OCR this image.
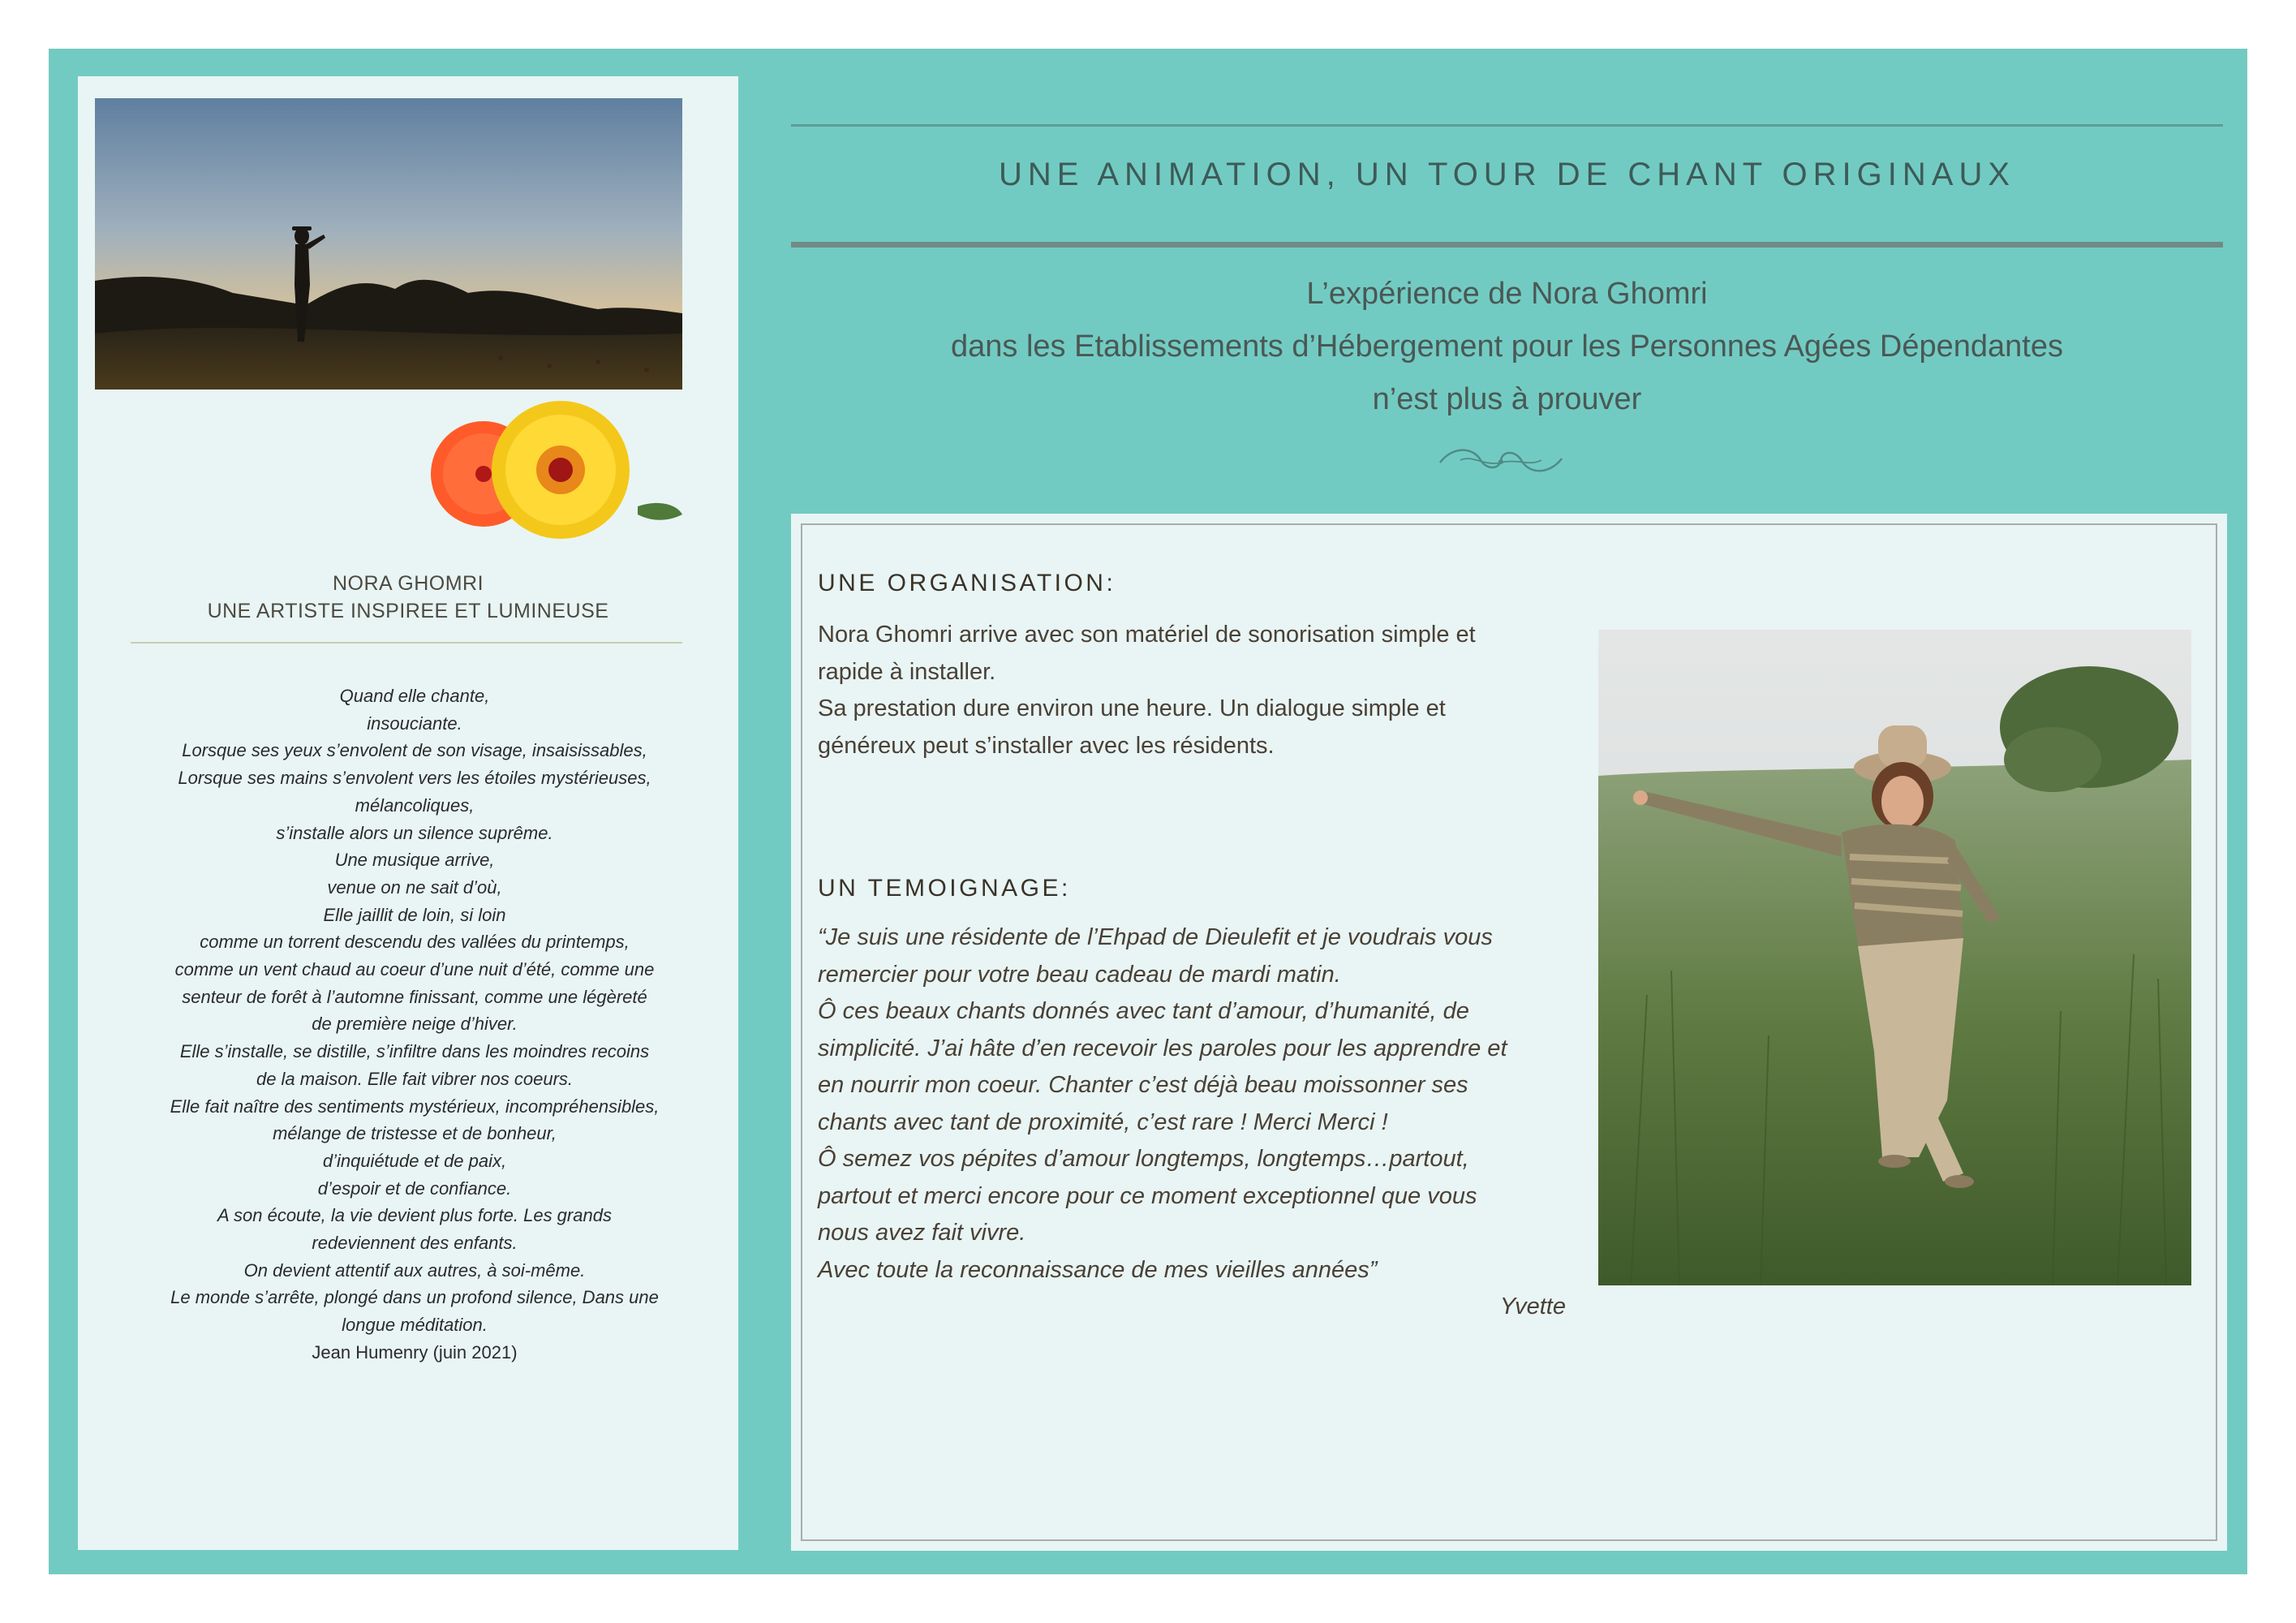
NORA GHOMRI
UNE ARTISTE INSPIREE ET LUMINEUSE
Quand elle chante,
insouciante.
Lorsque ses yeux s’envolent de son visage, insaisissables,
Lorsque ses mains s’envolent vers les étoiles mystérieuses,
mélancoliques,
s’installe alors un silence suprême.
Une musique arrive,
venue on ne sait d’où,
Elle jaillit de loin, si loin
comme un torrent descendu des vallées du printemps,
comme un vent chaud au coeur d’une nuit d’été, comme une
senteur de forêt à l’automne finissant, comme une légèreté
de première neige d’hiver.
Elle s’installe, se distille, s’infiltre dans les moindres recoins
de la maison. Elle fait vibrer nos coeurs.
Elle fait naître des sentiments mystérieux, incompréhensibles,
mélange de tristesse et de bonheur,
d’inquiétude et de paix,
d’espoir et de confiance.
A son écoute, la vie devient plus forte. Les grands
redeviennent des enfants.
On devient attentif aux autres, à soi-même.
Le monde s’arrête, plongé dans un profond silence, Dans une
longue méditation.
Jean Humenry (juin 2021)
UNE ANIMATION, UN TOUR DE CHANT ORIGINAUX
L’expérience de Nora Ghomri
dans les Etablissements d’Hébergement pour les Personnes Agées Dépendantes
n’est plus à prouver
UNE ORGANISATION:
Nora Ghomri arrive avec son matériel de sonorisation simple et
rapide à installer.
Sa prestation dure environ une heure. Un dialogue simple et
généreux peut s’installer avec les résidents.
UN TEMOIGNAGE:
“Je suis une résidente de l’Ehpad de Dieulefit et je voudrais vous
remercier pour votre beau cadeau de mardi matin.
Ô ces beaux chants donnés avec tant d’amour, d’humanité, de
simplicité. J’ai hâte d’en recevoir les paroles pour les apprendre et
en nourrir mon coeur. Chanter c’est déjà beau moissonner ses
chants avec tant de proximité, c’est rare ! Merci Merci !
Ô semez vos pépites d’amour longtemps, longtemps…partout,
partout et merci encore pour ce moment exceptionnel que vous
nous avez fait vivre.
Avec toute la reconnaissance de mes vieilles années”
Yvette
